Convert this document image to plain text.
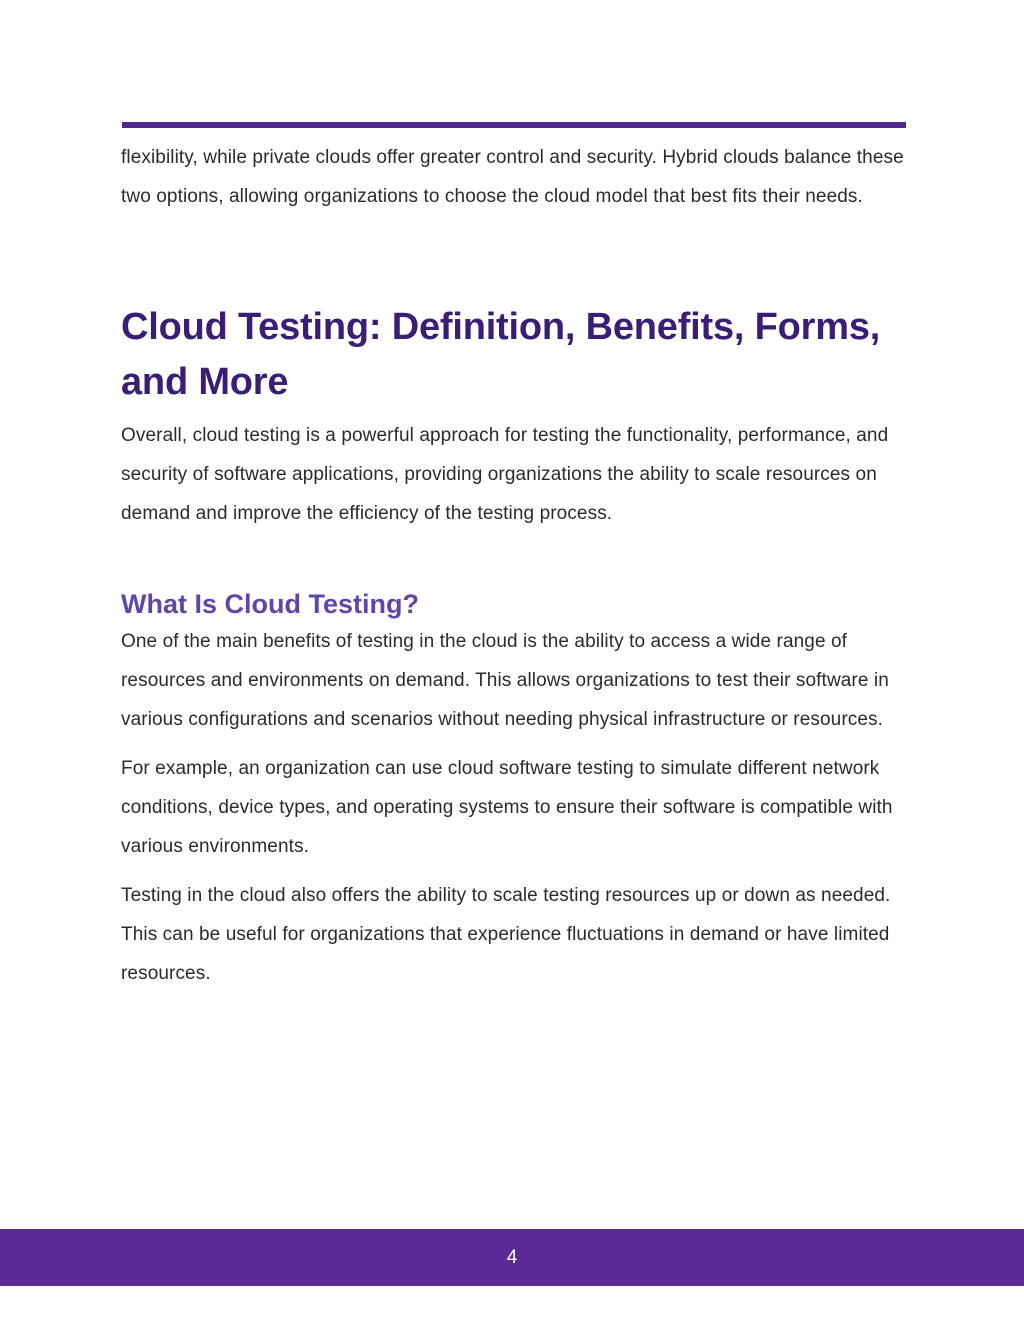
flexibility, while private clouds offer greater control and security. Hybrid clouds balance these two options, allowing organizations to choose the cloud model that best fits their needs.

Cloud Testing: Definition, Benefits, Forms, and More

Overall, cloud testing is a powerful approach for testing the functionality, performance, and security of software applications, providing organizations the ability to scale resources on demand and improve the efficiency of the testing process.

What Is Cloud Testing?

One of the main benefits of testing in the cloud is the ability to access a wide range of resources and environments on demand. This allows organizations to test their software in various configurations and scenarios without needing physical infrastructure or resources.

For example, an organization can use cloud software testing to simulate different network conditions, device types, and operating systems to ensure their software is compatible with various environments.

Testing in the cloud also offers the ability to scale testing resources up or down as needed. This can be useful for organizations that experience fluctuations in demand or have limited resources.

4
